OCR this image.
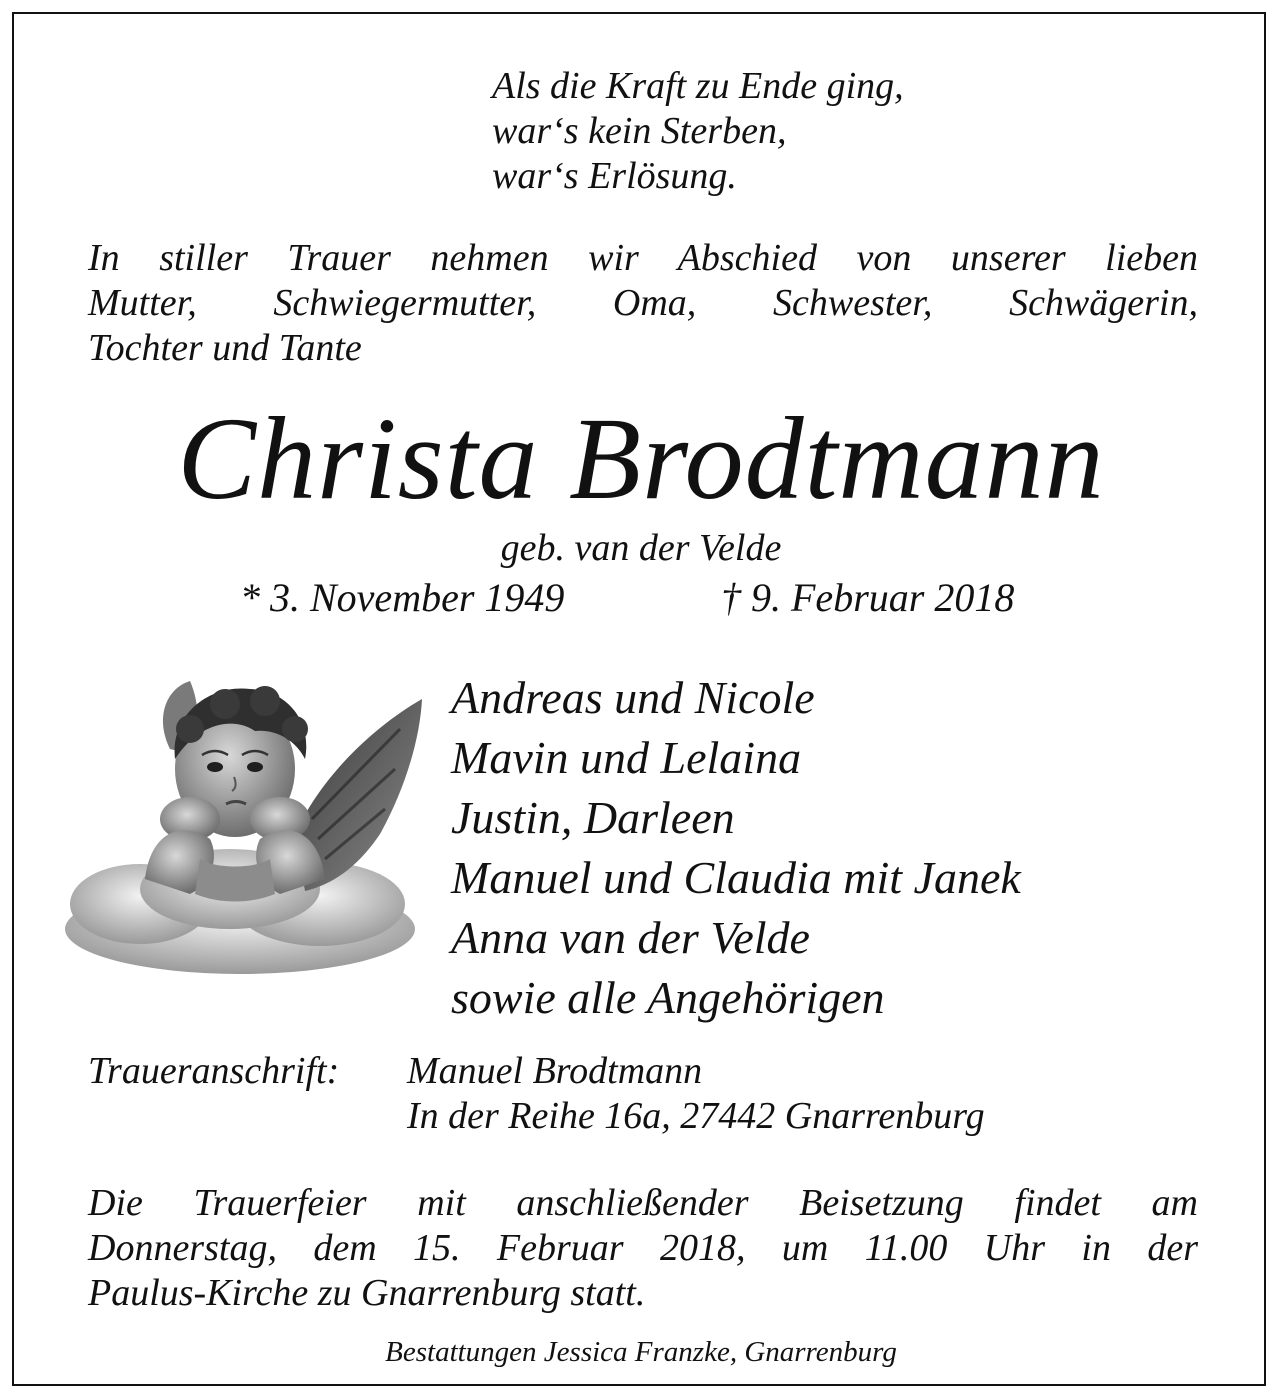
Als die Kraft zu Ende ging,
war‘s kein Sterben,
war‘s Erlösung.
In stiller Trauer nehmen wir Abschied von unserer lieben
Mutter, Schwiegermutter, Oma, Schwester, Schwägerin,
Tochter und Tante
Christa Brodtmann
geb. van der Velde
* 3. November 1949	† 9. Februar 2018
Andreas und Nicole
Mavin und Lelaina
Justin, Darleen
Manuel und Claudia mit Janek
Anna van der Velde
sowie alle Angehörigen
Traueranschrift: Manuel Brodtmann
In der Reihe 16a, 27442 Gnarrenburg
Die Trauerfeier mit anschließender Beisetzung findet am
Donnerstag, dem 15. Februar 2018, um 11.00 Uhr in der
Paulus-Kirche zu Gnarrenburg statt.
Bestattungen Jessica Franzke, Gnarrenburg
